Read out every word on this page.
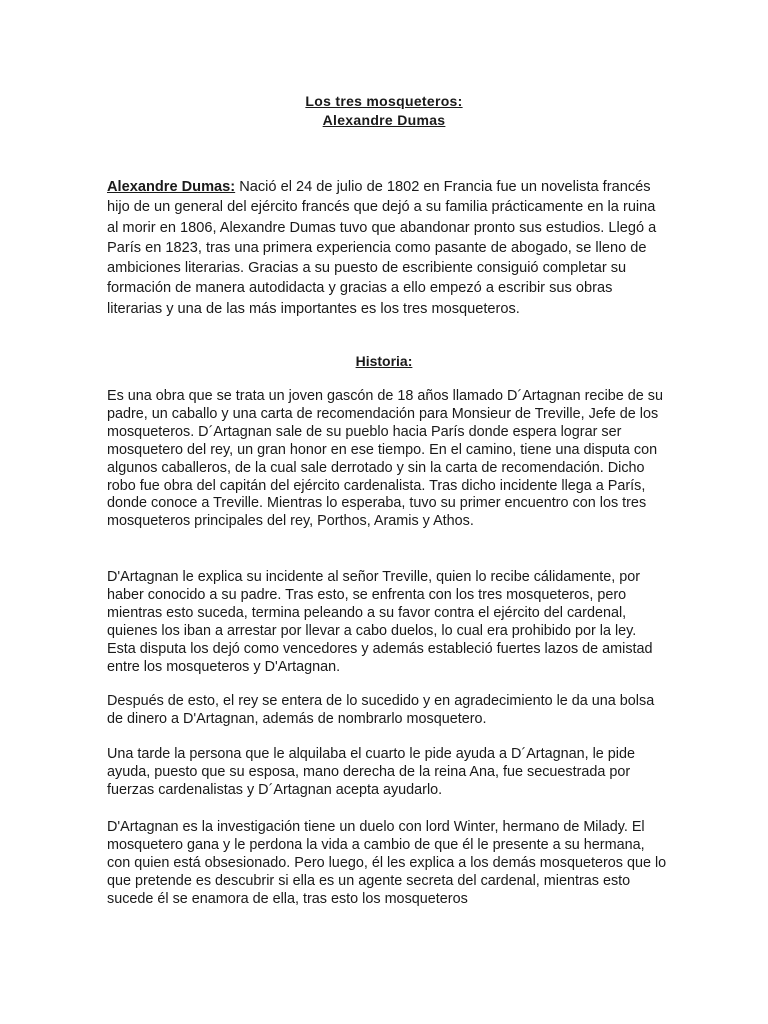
Los tres mosqueteros:
Alexandre Dumas
Alexandre Dumas: Nació el 24 de julio de 1802 en Francia fue un novelista francés hijo de un general del ejército francés que dejó a su familia prácticamente en la ruina al morir en 1806, Alexandre Dumas tuvo que abandonar pronto sus estudios. Llegó a París en 1823, tras una primera experiencia como pasante de abogado, se lleno de ambiciones literarias. Gracias a su puesto de escribiente consiguió completar su formación de manera autodidacta y gracias a ello empezó a escribir sus obras literarias y una de las más importantes es los tres mosqueteros.
Historia:
Es una obra que se trata un joven gascón de 18 años llamado D´Artagnan recibe de su padre, un caballo y una carta de recomendación para Monsieur de Treville, Jefe de los mosqueteros. D´Artagnan sale de su pueblo hacia París donde espera lograr ser mosquetero del rey, un gran honor en ese tiempo. En el camino, tiene una disputa con algunos caballeros, de la cual sale derrotado y sin la carta de recomendación. Dicho robo fue obra del capitán del ejército cardenalista. Tras dicho incidente llega a París, donde conoce a Treville. Mientras lo esperaba, tuvo su primer encuentro con los tres mosqueteros principales del rey, Porthos, Aramis y Athos.
D'Artagnan le explica su incidente al señor Treville, quien lo recibe cálidamente, por haber conocido a su padre. Tras esto, se enfrenta con los tres mosqueteros, pero mientras esto suceda, termina peleando a su favor contra el ejército del cardenal, quienes los iban a arrestar por llevar a cabo duelos, lo cual era prohibido por la ley. Esta disputa los dejó como vencedores y además estableció fuertes lazos de amistad entre los mosqueteros y D'Artagnan.
Después de esto, el rey se entera de lo sucedido y en agradecimiento le da una bolsa de dinero a D'Artagnan, además de nombrarlo mosquetero.
Una tarde la persona que le alquilaba el cuarto le pide ayuda a D´Artagnan, le pide ayuda, puesto que su esposa, mano derecha de la reina Ana, fue secuestrada por fuerzas cardenalistas y D´Artagnan acepta ayudarlo.
D'Artagnan es la investigación tiene un duelo con lord Winter, hermano de Milady. El mosquetero gana y le perdona la vida a cambio de que él le presente a su hermana, con quien está obsesionado. Pero luego, él les explica a los demás mosqueteros que lo que pretende es descubrir si ella es un agente secreta del cardenal, mientras esto sucede él se enamora de ella, tras esto los mosqueteros
